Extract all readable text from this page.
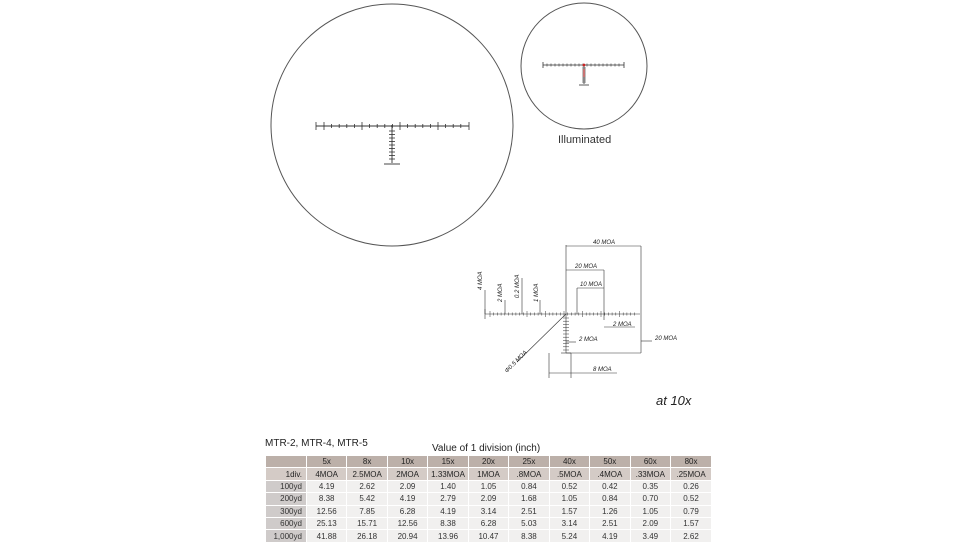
40 MOA
20 MOA
10 MOA
2 MOA
20 MOA
2 MOA
8 MOA
4 MOA
2 MOA 0.2 MOA 1 MOA
Φ0.5 MOA
Illuminated
at 10x
MTR-2, MTR-4, MTR-5	Value of 1 division (inch)
	5x	8x	10x	15x	20x	25x	40x	50x	60x	80x
1div.	4MOA	2.5MOA	2MOA	1.33MOA	1MOA	.8MOA	.5MOA	.4MOA	.33MOA	.25MOA
100yd	4.19	2.62	2.09	1.40	1.05	0.84	0.52	0.42	0.35	0.26
200yd	8.38	5.42	4.19	2.79	2.09	1.68	1.05	0.84	0.70	0.52
300yd	12.56	7.85	6.28	4.19	3.14	2.51	1.57	1.26	1.05	0.79
600yd	25.13	15.71	12.56	8.38	6.28	5.03	3.14	2.51	2.09	1.57
1,000yd	41.88	26.18	20.94	13.96	10.47	8.38	5.24	4.19	3.49	2.62
